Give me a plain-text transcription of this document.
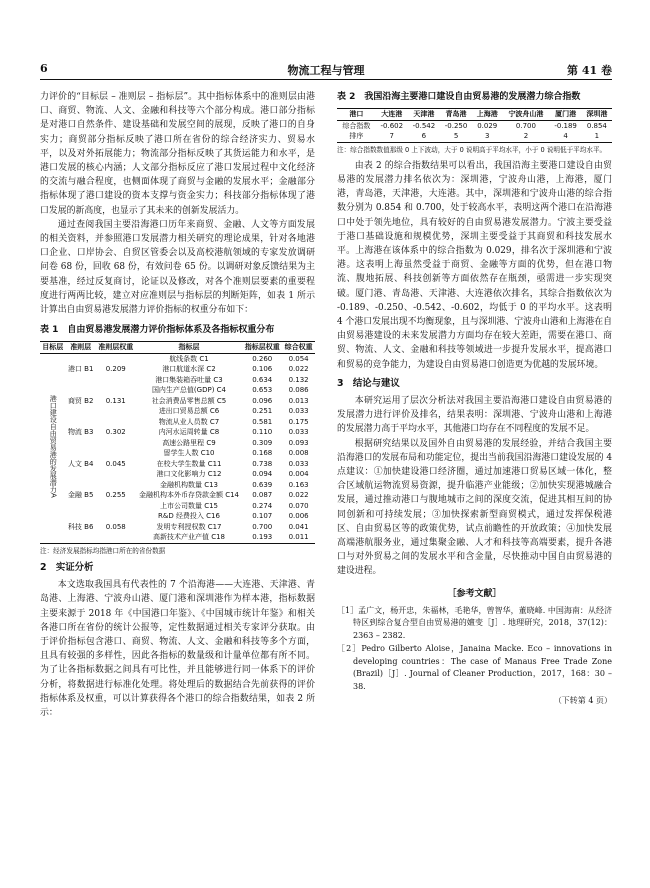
6	物流工程与管理	第 41 卷

力评价的“目标层 – 准则层 – 指标层”。其中指标体系中的准则层由港口、商贸、物流、人文、金融和科技等六个部分构成。港口部分指标是对港口自然条件、建设基础和发展空间的展现，反映了港口的自身实力；商贸部分指标反映了港口所在省份的综合经济实力、贸易水平，以及对外拓展能力；物流部分指标反映了其货运能力和水平，是港口发展的核心内涵；人文部分指标反应了港口发展过程中文化经济的交流与融合程度，也侧面体现了商贸与金融的发展水平；金融部分指标体现了港口建设的资本支撑与资金实力；科技部分指标体现了港口发展的新高度，也显示了其未来的创新发展活力。

通过查阅我国主要沿海港口历年来商贸、金融、人文等方面发展的相关资料，并参照港口发展潜力相关研究的理论成果，针对各地港口企业、口岸协会、自贸区管委会以及高校港航领域的专家发放调研问卷 68 份，回收 68 份，有效问卷 65 份。以调研对象反馈结果为主要基准，经过反复商讨，论证以及修改，对各个准则层要素的重要程度进行两两比较，建立对应准则层与指标层的判断矩阵，如表 1 所示计算出自由贸易港发展潜力评价指标的权重分布如下：

表 1　自由贸易港发展潜力评价指标体系及各指标权重分布
目标层	准则层	准则层权重	指标层	指标层权重	综合权重
港口建设自由贸易港的发展潜力A	港口 B1	0.209	航线条数 C1	0.260	0.054
			港口航道水深 C2	0.106	0.022
			港口集装箱吞吐量 C3	0.634	0.132
	商贸 B2	0.131	国内生产总值(GDP) C4	0.653	0.086
			社会消费品零售总额 C5	0.096	0.013
			进出口贸易总额 C6	0.251	0.033
	物流 B3	0.302	物流从业人员数 C7	0.581	0.175
			内河水运周转量 C8	0.110	0.033
			高速公路里程 C9	0.309	0.093
	人文 B4	0.045	留学生人数 C10	0.168	0.008
			在校大学生数量 C11	0.738	0.033
			港口文化影响力 C12	0.094	0.004
	金融 B5	0.255	金融机构数量 C13	0.639	0.163
			金融机构本外币存贷款金额 C14	0.087	0.022
			上市公司数量 C15	0.274	0.070
	科技 B6	0.058	R&D 经费投入 C16	0.107	0.006
			发明专利授权数 C17	0.700	0.041
			高新技术产业产值 C18	0.193	0.011
注：经济发展指标均指港口所在的省份数据
2　实证分析

本文选取我国具有代表性的 7 个沿海港——大连港、天津港、青岛港、上海港、宁波舟山港、厦门港和深圳港作为样本港，指标数据主要来源于 2018 年《中国港口年鉴》、《中国城市统计年鉴》和相关各港口所在省份的统计公报等，定性数据通过相关专家评分获取。由于评价指标包含港口、商贸、物流、人文、金融和科技等多个方面，且具有较强的多样性，因此各指标的数量级和计量单位都有所不同。为了让各指标数据之间具有可比性，并且能够进行同一体系下的评价分析，将数据进行标准化处理。将处理后的数据结合先前获得的评价指标体系及权重，可以计算获得各个港口的综合指数结果，如表 2 所示：

表 2　我国沿海主要港口建设自由贸易港的发展潜力综合指数
港口	大连港	天津港	青岛港	上海港	宁波舟山港	厦门港	深圳港
综合指数	-0.602	-0.542	-0.250	0.029	0.700	-0.189	0.854
排序	7	6	5	3	2	4	1
注：综合指数数值那级 0 上下波动，大于 0 说明高于平均水平，小于 0 说明低于平均水平。

由表 2 的综合指数结果可以看出，我国沿海主要港口建设自由贸易港的发展潜力排名依次为：深圳港，宁波舟山港，上海港，厦门港，青岛港，天津港，大连港。其中，深圳港和宁波舟山港的综合指数分别为 0.854 和 0.700，处于较高水平，表明这两个港口在沿海港口中处于领先地位，具有较好的自由贸易港发展潜力。宁波主要受益于港口基础设施和规模优势，深圳主要受益于其商贸和科技发展水平。上海港在该体系中的综合指数为 0.029，排名次于深圳港和宁波港。这表明上海虽然受益于商贸、金融等方面的优势，但在港口物流、腹地拓展、科技创新等方面依然存在瓶颈，亟需进一步实现突破。厦门港、青岛港、天津港、大连港依次排名，其综合指数依次为 -0.189、-0.250、-0.542、-0.602，均低于 0 的平均水平。这表明 4 个港口发展出现不均衡现象，且与深圳港、宁波舟山港和上海港在自由贸易港建设的未来发展潜力方面均存在较大差距，需要在港口、商贸、物流、人文、金融和科技等领域进一步提升发展水平，提高港口和贸易的竞争能力，为建设自由贸易港口创造更为优越的发展环境。

3　结论与建议

本研究运用了层次分析法对我国主要沿海港口建设自由贸易港的发展潜力进行评价及排名，结果表明：深圳港、宁波舟山港和上海港的发展潜力高于平均水平，其他港口均存在不同程度的发展不足。

根据研究结果以及国外自由贸易港的发展经验，并结合我国主要沿海港口的发展布局和功能定位，提出当前我国沿海港口建设发展的 4 点建议：①加快建设港口经济圈，通过加速港口贸易区域一体化，整合区域航运物流贸易资源，提升临港产业能级；②加快实现港城融合发展，通过推动港口与腹地城市之间的深度交流，促进其相互间的协同创新和可持续发展；③加快探索新型商贸模式，通过发挥保税港区、自由贸易区等的政策优势，试点前瞻性的开放政策；④加快发展高端港航服务业，通过集聚金融、人才和科技等高端要素，提升各港口与对外贸易之间的发展水平和含金量，尽快推动中国自由贸易港的建设进程。

［参考文献］

［1］孟广文，杨开忠，朱福林，毛艳华，曾智华，董晓峰. 中国海南：从经济特区到综合复合型自由贸易港的嬗变［J］. 地理研究，2018，37(12)：2363 – 2382.

［2］Pedro Gilberto Aloise，Janaina Macke. Eco – innovations in developing countries：The case of Manaus Free Trade Zone (Brazil)［J］. Journal of Cleaner Production，2017，168：30 – 38.

（下转第 4 页）
